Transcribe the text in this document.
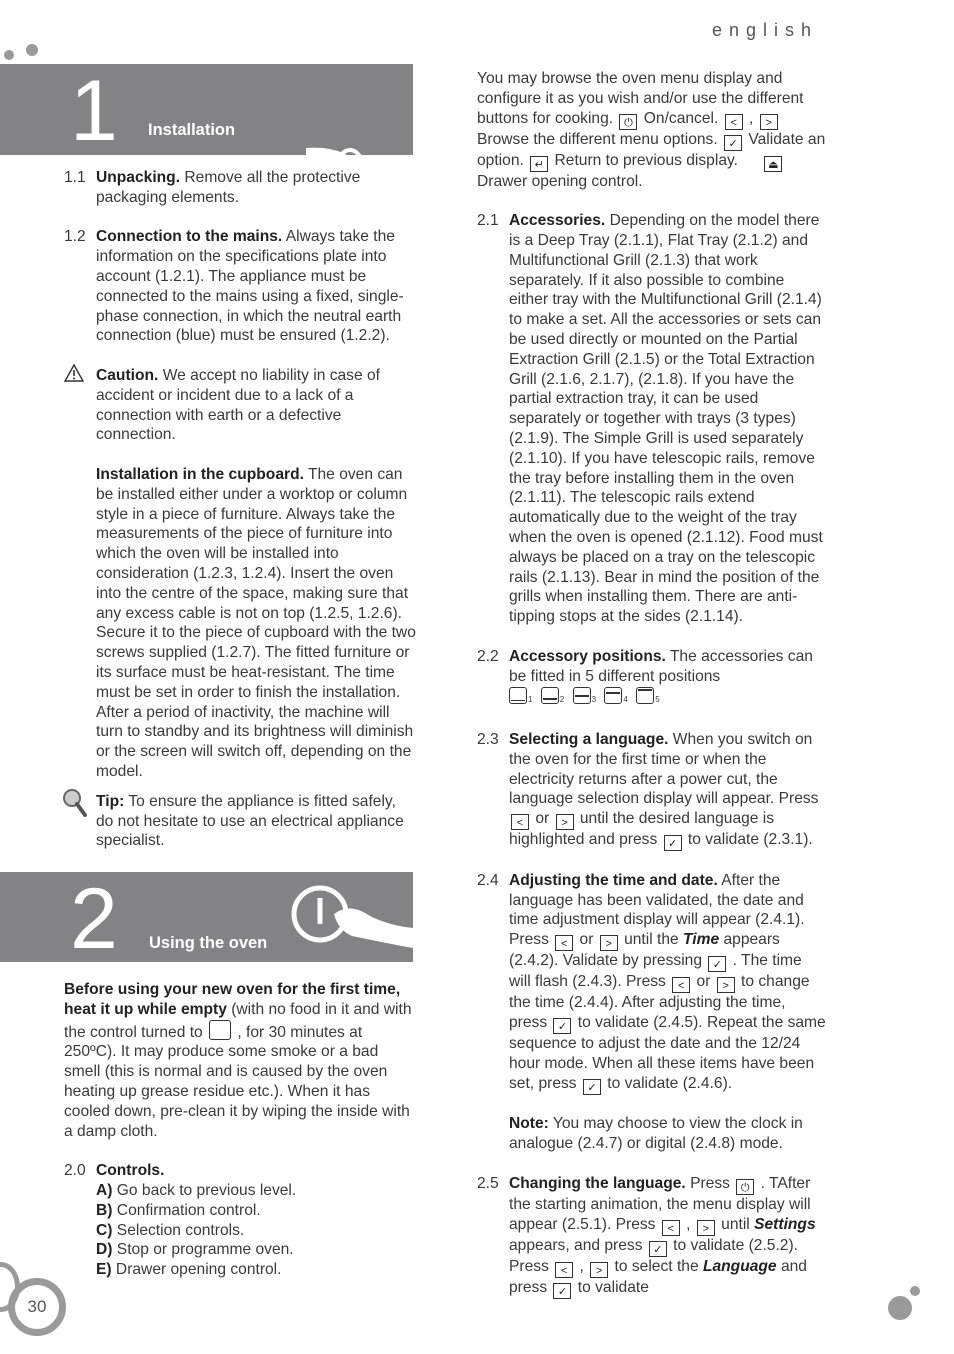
english
1 Installation
2 Using the oven
1.1 Unpacking. Remove all the protective packaging elements.
1.2 Connection to the mains. Always take the information on the specifications plate into account (1.2.1). The appliance must be connected to the mains using a fixed, single-phase connection, in which the neutral earth connection (blue) must be ensured (1.2.2).
Caution. We accept no liability in case of accident or incident due to a lack of a connection with earth or a defective connection.
Installation in the cupboard. The oven can be installed either under a worktop or column style in a piece of furniture. Always take the measurements of the piece of furniture into which the oven will be installed into consideration (1.2.3, 1.2.4). Insert the oven into the centre of the space, making sure that any excess cable is not on top (1.2.5, 1.2.6). Secure it to the piece of cupboard with the two screws supplied (1.2.7). The fitted furniture or its surface must be heat-resistant. The time must be set in order to finish the installation. After a period of inactivity, the machine will turn to standby and its brightness will diminish or the screen will switch off, depending on the model.
Tip: To ensure the appliance is fitted safely, do not hesitate to use an electrical appliance specialist.

Before using your new oven for the first time, heat it up while empty (with no food in it and with the control turned to  , for 30 minutes at 250ºC). It may produce some smoke or a bad smell (this is normal and is caused by the oven heating up grease residue etc.). When it has cooled down, pre-clean it by wiping the inside with a damp cloth.

2.0 Controls.
A) Go back to previous level.
B) Confirmation control.
C) Selection controls.
D) Stop or programme oven.
E) Drawer opening control.

You may browse the oven menu display and configure it as you wish and/or use the different buttons for cooking. ⏻ On/cancel. < , > Browse the different menu options. ✓ Validate an option. ↵ Return to previous display.	⏏
Drawer opening control.

2.1 Accessories. Depending on the model there is a Deep Tray (2.1.1), Flat Tray (2.1.2) and Multifunctional Grill (2.1.3) that work separately. If it also possible to combine either tray with the Multifunctional Grill (2.1.4) to make a set. All the accessories or sets can be used directly or mounted on the Partial Extraction Grill (2.1.5) or the Total Extraction Grill (2.1.6, 2.1.7), (2.1.8). If you have the partial extraction tray, it can be used separately or together with trays (3 types) (2.1.9). The Simple Grill is used separately (2.1.10). If you have telescopic rails, remove the tray before installing them in the oven (2.1.11). The telescopic rails extend automatically due to the weight of the tray when the oven is opened (2.1.12). Food must always be placed on a tray on the telescopic rails (2.1.13). Bear in mind the position of the grills when installing them. There are anti-tipping stops at the sides (2.1.14).
2.2 Accessory positions. The accessories can be fitted in 5 different positions

1	2	3	4	5
2.3 Selecting a language. When you switch on the oven for the first time or when the electricity returns after a power cut, the language selection display will appear. Press < or > until the desired language is highlighted and press ✓ to validate (2.3.1).
2.4 Adjusting the time and date. After the language has been validated, the date and time adjustment display will appear (2.4.1). Press < or > until the Time appears (2.4.2). Validate by pressing ✓ . The time will flash (2.4.3). Press < or > to change the time (2.4.4). After adjusting the time, press ✓ to validate (2.4.5). Repeat the same sequence to adjust the date and the 12/24 hour mode. When all these items have been set, press ✓ to validate (2.4.6).
Note: You may choose to view the clock in analogue (2.4.7) or digital (2.4.8) mode.
2.5 Changing the language. Press ⏻ . TAfter the starting animation, the menu display will appear (2.5.1). Press < , > until Settings appears, and press ✓ to validate (2.5.2). Press < , > to select the Language and press ✓ to validate
30
